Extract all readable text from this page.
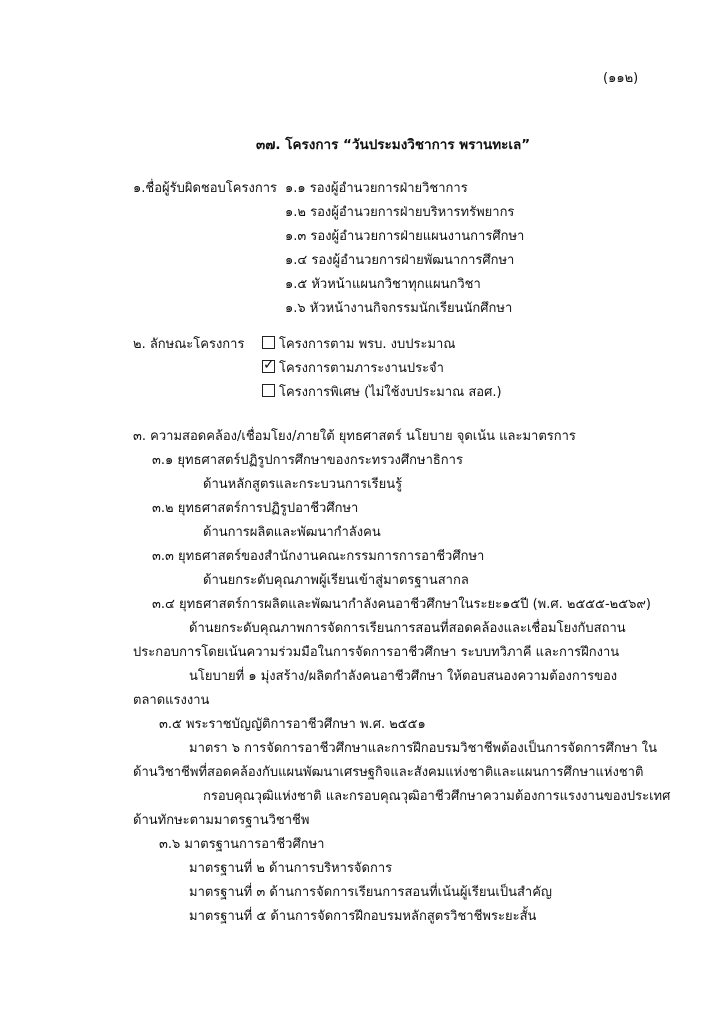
(๑๑๒)
๓๗. โครงการ “วันประมงวิชาการ พรานทะเล”
๑.ชื่อผู้รับผิดชอบโครงการ ๑.๑ รองผู้อำนวยการฝ่ายวิชาการ
๑.๒ รองผู้อำนวยการฝ่ายบริหารทรัพยากร
๑.๓ รองผู้อำนวยการฝ่ายแผนงานการศึกษา
๑.๔ รองผู้อำนวยการฝ่ายพัฒนาการศึกษา
๑.๕ หัวหน้าแผนกวิชาทุกแผนกวิชา
๑.๖ หัวหน้างานกิจกรรมนักเรียนนักศึกษา
๒. ลักษณะโครงการ	โครงการตาม พรบ. งบประมาณ
✓โครงการตามภาระงานประจำ
โครงการพิเศษ (ไม่ใช้งบประมาณ สอศ.)
๓. ความสอดคล้อง/เชื่อมโยง/ภายใต้ ยุทธศาสตร์ นโยบาย จุดเน้น และมาตรการ
๓.๑ ยุทธศาสตร์ปฏิรูปการศึกษาของกระทรวงศึกษาธิการ
ด้านหลักสูตรและกระบวนการเรียนรู้
๓.๒ ยุทธศาสตร์การปฏิรูปอาชีวศึกษา
ด้านการผลิตและพัฒนากำลังคน
๓.๓ ยุทธศาสตร์ของสำนักงานคณะกรรมการการอาชีวศึกษา
ด้านยกระดับคุณภาพผู้เรียนเข้าสู่มาตรฐานสากล
๓.๔ ยุทธศาสตร์การผลิตและพัฒนากำลังคนอาชีวศึกษาในระยะ๑๕ปี (พ.ศ. ๒๕๕๕-๒๕๖๙)
ด้านยกระดับคุณภาพการจัดการเรียนการสอนที่สอดคล้องและเชื่อมโยงกับสถาน
ประกอบการโดยเน้นความร่วมมือในการจัดการอาชีวศึกษา ระบบทวิภาคี และการฝึกงาน
นโยบายที่ ๑ มุ่งสร้าง/ผลิตกำลังคนอาชีวศึกษา ให้ตอบสนองความต้องการของ
ตลาดแรงงาน
๓.๕ พระราชบัญญัติการอาชีวศึกษา พ.ศ. ๒๕๕๑
มาตรา ๖ การจัดการอาชีวศึกษาและการฝึกอบรมวิชาชีพต้องเป็นการจัดการศึกษา ใน
ด้านวิชาชีพที่สอดคล้องกับแผนพัฒนาเศรษฐกิจและสังคมแห่งชาติและแผนการศึกษาแห่งชาติ
กรอบคุณวุฒิแห่งชาติ และกรอบคุณวุฒิอาชีวศึกษาความต้องการแรงงานของประเทศ
ด้านทักษะตามมาตรฐานวิชาชีพ
๓.๖ มาตรฐานการอาชีวศึกษา
มาตรฐานที่ ๒ ด้านการบริหารจัดการ
มาตรฐานที่ ๓ ด้านการจัดการเรียนการสอนที่เน้นผู้เรียนเป็นสำคัญ
มาตรฐานที่ ๕ ด้านการจัดการฝึกอบรมหลักสูตรวิชาชีพระยะสั้น
